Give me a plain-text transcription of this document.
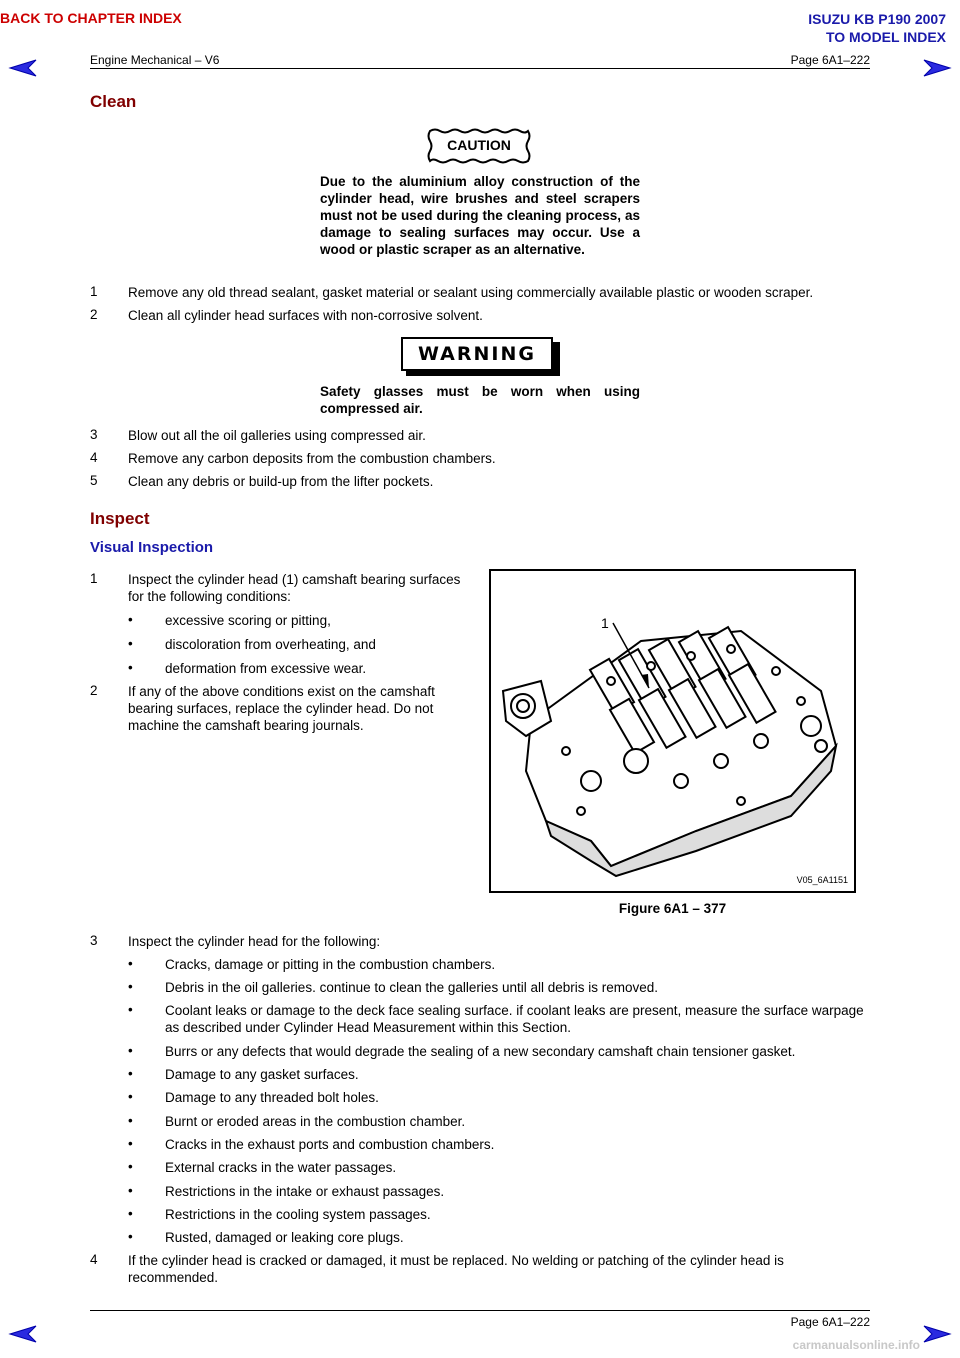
BACK TO CHAPTER INDEX	ISUZU KB P190 2007
TO MODEL INDEX
Engine Mechanical – V6	Page 6A1–222
Clean
CAUTION
Due to the aluminium alloy construction of the cylinder head, wire brushes and steel scrapers must not be used during the cleaning process, as damage to sealing surfaces may occur. Use a wood or plastic scraper as an alternative.
1 Remove any old thread sealant, gasket material or sealant using commercially available plastic or wooden scraper.
2 Clean all cylinder head surfaces with non-corrosive solvent.
WARNING
Safety glasses must be worn when using compressed air.
3 Blow out all the oil galleries using compressed air.
4 Remove any carbon deposits from the combustion chambers.
5 Clean any debris or build-up from the lifter pockets.
Inspect
Visual Inspection
1 Inspect the cylinder head (1) camshaft bearing surfaces for the following conditions:
• excessive scoring or pitting,
• discoloration from overheating, and
• deformation from excessive wear.
2 If any of the above conditions exist on the camshaft bearing surfaces, replace the cylinder head. Do not machine the camshaft bearing journals.
1
V05_6A1151
Figure 6A1 – 377
3 Inspect the cylinder head for the following:
• Cracks, damage or pitting in the combustion chambers.
• Debris in the oil galleries. continue to clean the galleries until all debris is removed.
• Coolant leaks or damage to the deck face sealing surface. if coolant leaks are present, measure the surface warpage as described under Cylinder Head Measurement within this Section.
• Burrs or any defects that would degrade the sealing of a new secondary camshaft chain tensioner gasket.
• Damage to any gasket surfaces.
• Damage to any threaded bolt holes.
• Burnt or eroded areas in the combustion chamber.
• Cracks in the exhaust ports and combustion chambers.
• External cracks in the water passages.
• Restrictions in the intake or exhaust passages.
• Restrictions in the cooling system passages.
• Rusted, damaged or leaking core plugs.
4 If the cylinder head is cracked or damaged, it must be replaced. No welding or patching of the cylinder head is recommended.
Page 6A1–222
carmanualsonline.info
